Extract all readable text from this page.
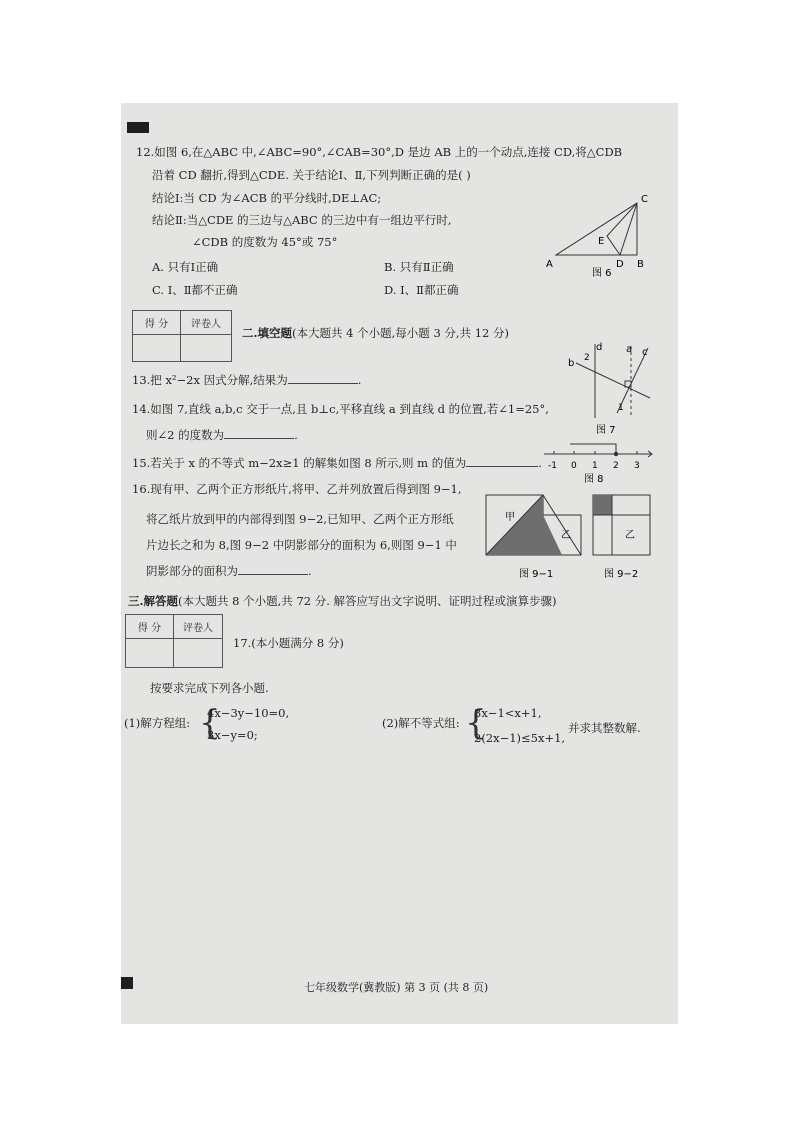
12.如图 6,在△ABC 中,∠ABC=90°,∠CAB=30°,D 是边 AB 上的一个动点,连接 CD,将△CDB
沿着 CD 翻折,得到△CDE. 关于结论Ⅰ、Ⅱ,下列判断正确的是( )
结论Ⅰ:当 CD 为∠ACB 的平分线时,DE⊥AC;
结论Ⅱ:当△CDE 的三边与△ABC 的三边中有一组边平行时,
∠CDB 的度数为 45°或 75°
A. 只有Ⅰ正确	B. 只有Ⅱ正确
C. Ⅰ、Ⅱ都不正确	D. Ⅰ、Ⅱ都正确
A	B
C
D
E
图 6
得 分	评卷人

二.填空题(本大题共 4 个小题,每小题 3 分,共 12 分)
13.把 x²−2x 因式分解,结果为	.
14.如图 7,直线 a,b,c 交于一点,且 b⊥c,平移直线 a 到直线 d 的位置,若∠1=25°,
则∠2 的度数为	.
b
d a c
2
1
图 7
15.若关于 x 的不等式 m−2x≥1 的解集如图 8 所示,则 m 的值为	. -1 0 1 2 3
图 8
16.现有甲、乙两个正方形纸片,将甲、乙并列放置后得到图 9−1,
将乙纸片放到甲的内部得到图 9−2,已知甲、乙两个正方形纸
片边长之和为 8,图 9−2 中阴影部分的面积为 6,则图 9−1 中
阴影部分的面积为	.
甲
乙
图 9−1
乙
图 9−2
三.解答题(本大题共 8 个小题,共 72 分. 解答应写出文字说明、证明过程或演算步骤)
得 分	评卷人

17.(本小题满分 8 分)
按要求完成下列各小题.
(1)解方程组: {
4x−3y−10=0,
3x−y=0;
(2)解不等式组: {
3x−1<x+1,
2(2x−1)≤5x+1,
并求其整数解.
七年级数学(冀教版) 第 3 页 (共 8 页)
